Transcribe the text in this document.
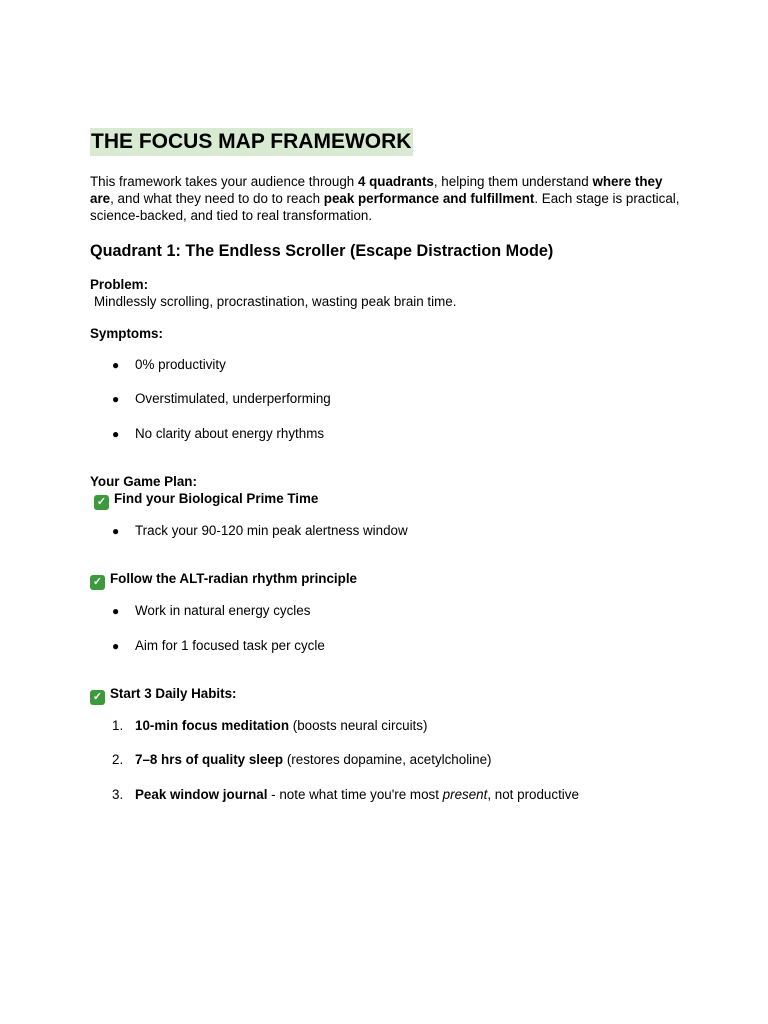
THE FOCUS MAP FRAMEWORK
This framework takes your audience through 4 quadrants, helping them understand where they are, and what they need to do to reach peak performance and fulfillment. Each stage is practical, science-backed, and tied to real transformation.
Quadrant 1: The Endless Scroller (Escape Distraction Mode)
Problem:
Mindlessly scrolling, procrastination, wasting peak brain time.
Symptoms:
● 0% productivity
● Overstimulated, underperforming
● No clarity about energy rhythms
Your Game Plan:
✓ Find your Biological Prime Time
● Track your 90-120 min peak alertness window
✓ Follow the ALT-radian rhythm principle
● Work in natural energy cycles
● Aim for 1 focused task per cycle
✓ Start 3 Daily Habits:
1. 10-min focus meditation (boosts neural circuits)
2. 7–8 hrs of quality sleep (restores dopamine, acetylcholine)
3. Peak window journal - note what time you're most present, not productive
